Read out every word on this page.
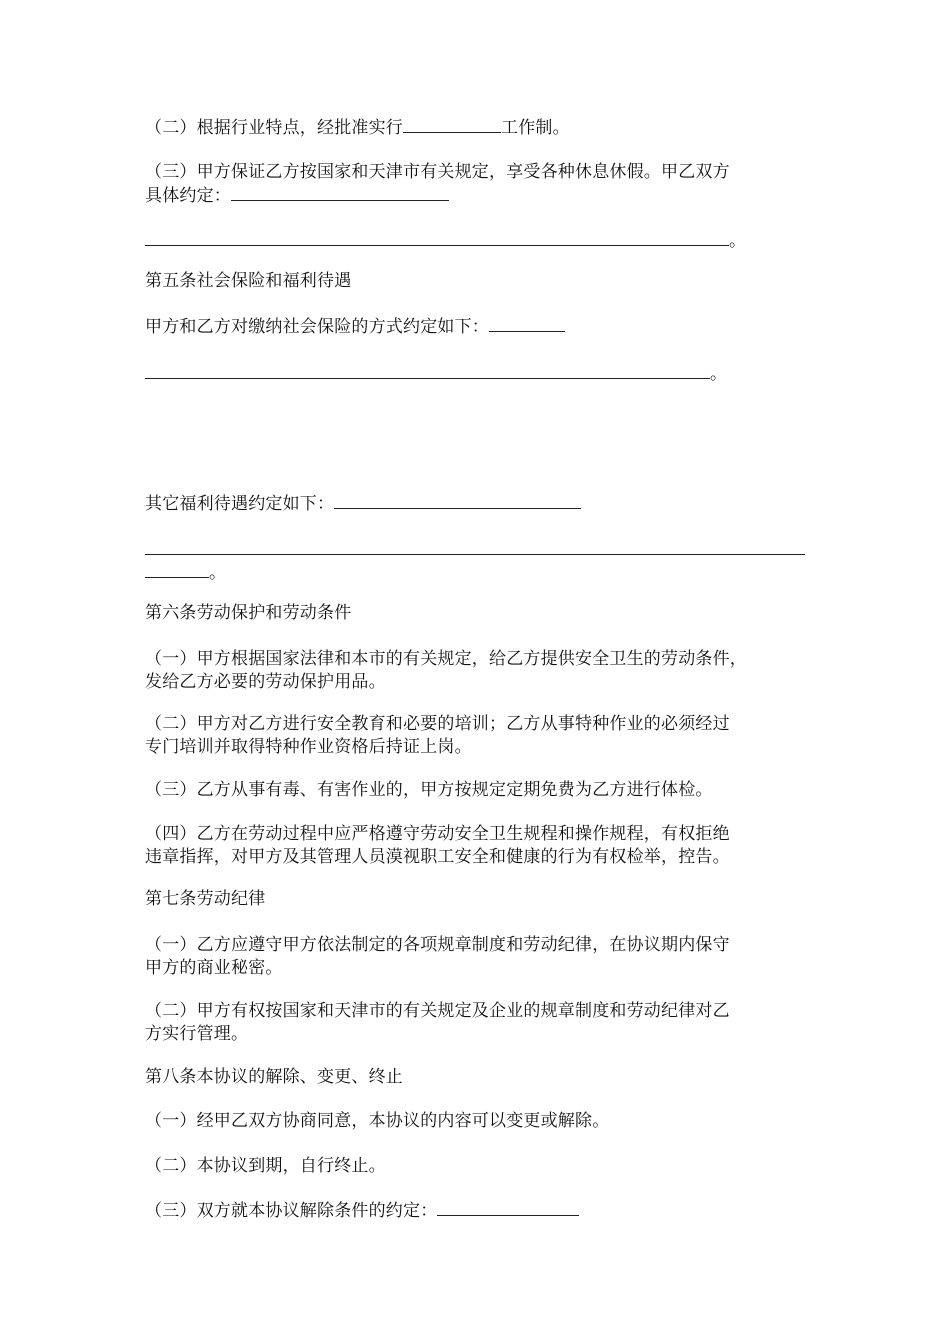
（二）根据行业特点，经批准实行	工作制。
（三）甲方保证乙方按国家和天津市有关规定，享受各种休息休假。甲乙双方
具体约定：
。
第五条社会保险和福利待遇
甲方和乙方对缴纳社会保险的方式约定如下：
。
其它福利待遇约定如下：
。
第六条劳动保护和劳动条件
（一）甲方根据国家法律和本市的有关规定，给乙方提供安全卫生的劳动条件，
发给乙方必要的劳动保护用品。
（二）甲方对乙方进行安全教育和必要的培训；乙方从事特种作业的必须经过
专门培训并取得特种作业资格后持证上岗。
（三）乙方从事有毒、有害作业的，甲方按规定定期免费为乙方进行体检。
（四）乙方在劳动过程中应严格遵守劳动安全卫生规程和操作规程，有权拒绝
违章指挥，对甲方及其管理人员漠视职工安全和健康的行为有权检举，控告。
第七条劳动纪律
（一）乙方应遵守甲方依法制定的各项规章制度和劳动纪律，在协议期内保守
甲方的商业秘密。
（二）甲方有权按国家和天津市的有关规定及企业的规章制度和劳动纪律对乙
方实行管理。
第八条本协议的解除、变更、终止
（一）经甲乙双方协商同意，本协议的内容可以变更或解除。
（二）本协议到期，自行终止。
（三）双方就本协议解除条件的约定：
